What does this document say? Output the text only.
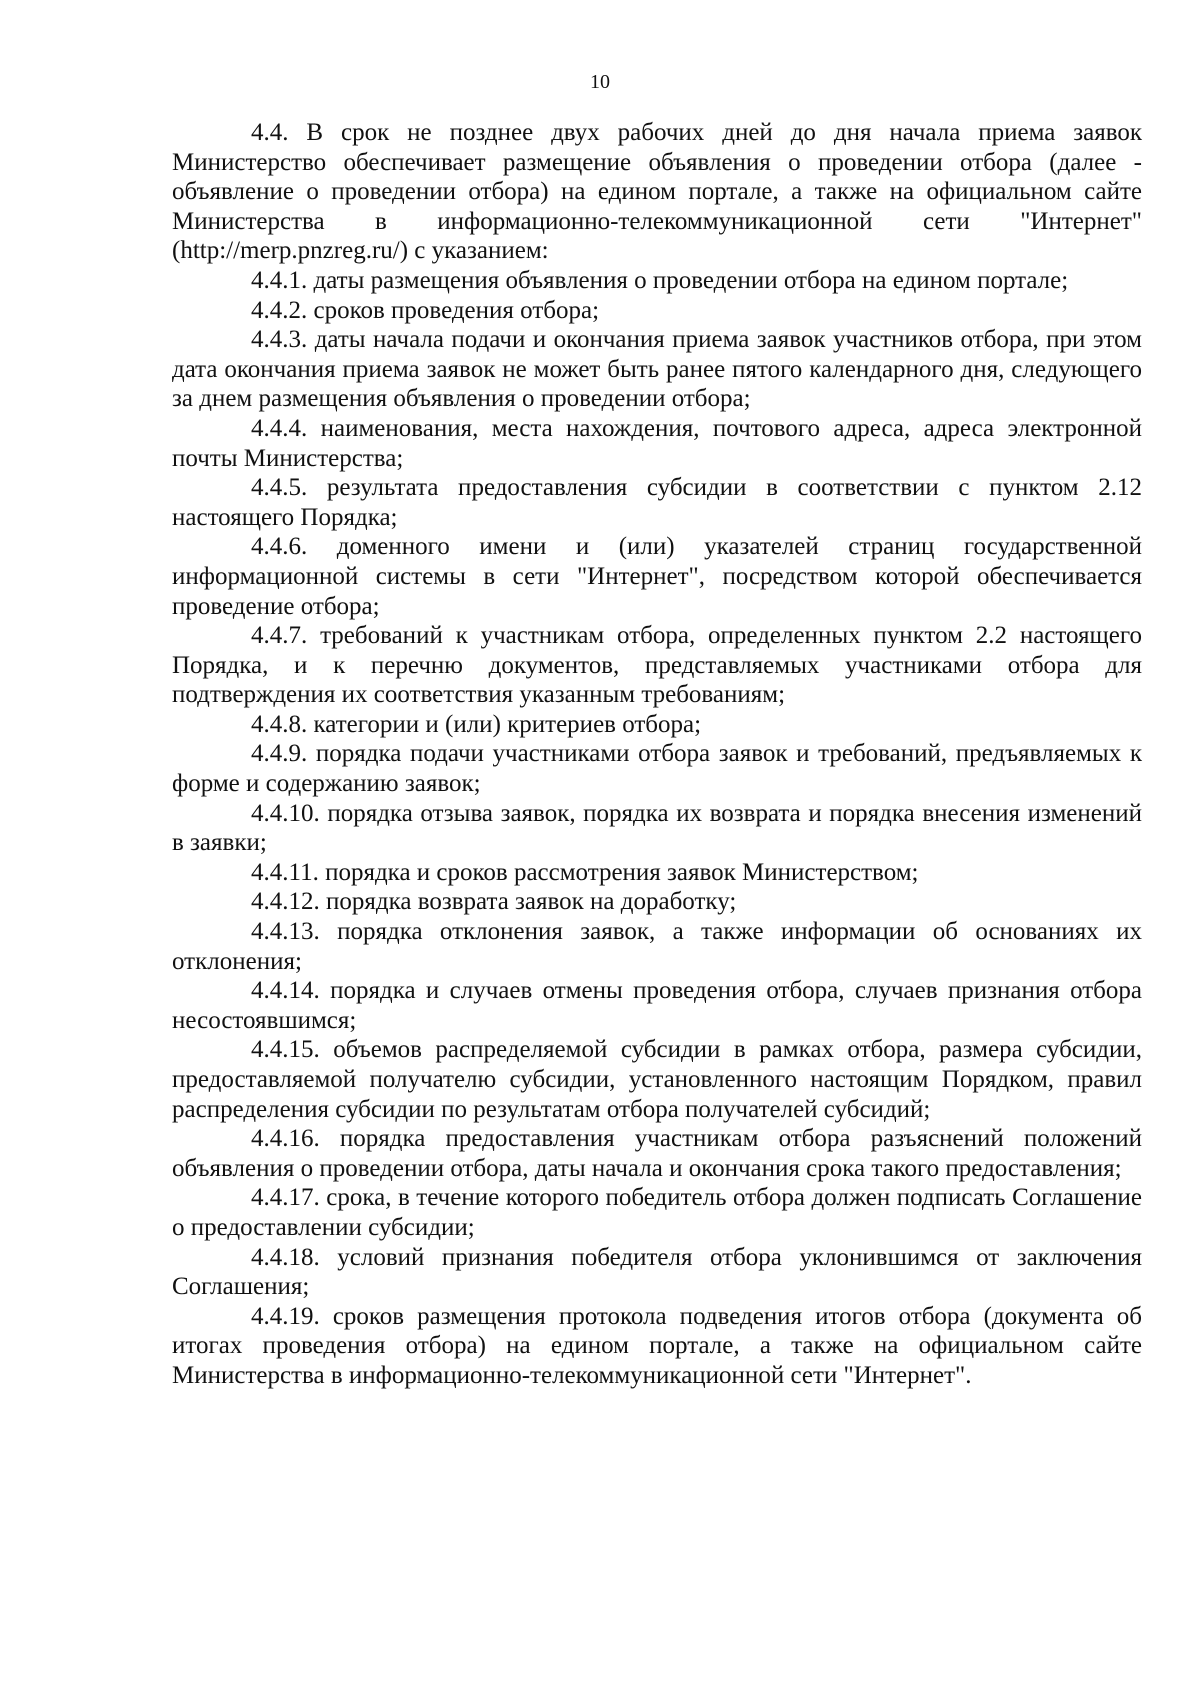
10

4.4. В срок не позднее двух рабочих дней до дня начала приема заявок Министерство обеспечивает размещение объявления о проведении отбора (далее - объявление о проведении отбора) на едином портале, а также на официальном сайте Министерства в информационно-телекоммуникационной сети "Интернет" (http://merp.pnzreg.ru/) с указанием:

4.4.1. даты размещения объявления о проведении отбора на едином портале;

4.4.2. сроков проведения отбора;

4.4.3. даты начала подачи и окончания приема заявок участников отбора, при этом дата окончания приема заявок не может быть ранее пятого календарного дня, следующего за днем размещения объявления о проведении отбора;

4.4.4. наименования, места нахождения, почтового адреса, адреса электронной почты Министерства;

4.4.5. результата предоставления субсидии в соответствии с пунктом 2.12 настоящего Порядка;

4.4.6. доменного имени и (или) указателей страниц государственной информационной системы в сети "Интернет", посредством которой обеспечивается проведение отбора;

4.4.7. требований к участникам отбора, определенных пунктом 2.2 настоящего Порядка, и к перечню документов, представляемых участниками отбора для подтверждения их соответствия указанным требованиям;

4.4.8. категории и (или) критериев отбора;

4.4.9. порядка подачи участниками отбора заявок и требований, предъявляемых к форме и содержанию заявок;

4.4.10. порядка отзыва заявок, порядка их возврата и порядка внесения изменений в заявки;

4.4.11. порядка и сроков рассмотрения заявок Министерством;

4.4.12. порядка возврата заявок на доработку;

4.4.13. порядка отклонения заявок, а также информации об основаниях их отклонения;

4.4.14. порядка и случаев отмены проведения отбора, случаев признания отбора несостоявшимся;

4.4.15. объемов распределяемой субсидии в рамках отбора, размера субсидии, предоставляемой получателю субсидии, установленного настоящим Порядком, правил распределения субсидии по результатам отбора получателей субсидий;

4.4.16. порядка предоставления участникам отбора разъяснений положений объявления о проведении отбора, даты начала и окончания срока такого предоставления;

4.4.17. срока, в течение которого победитель отбора должен подписать Соглашение о предоставлении субсидии;

4.4.18. условий признания победителя отбора уклонившимся от заключения Соглашения;

4.4.19. сроков размещения протокола подведения итогов отбора (документа об итогах проведения отбора) на едином портале, а также на официальном сайте Министерства в информационно-телекоммуникационной сети "Интернет".
